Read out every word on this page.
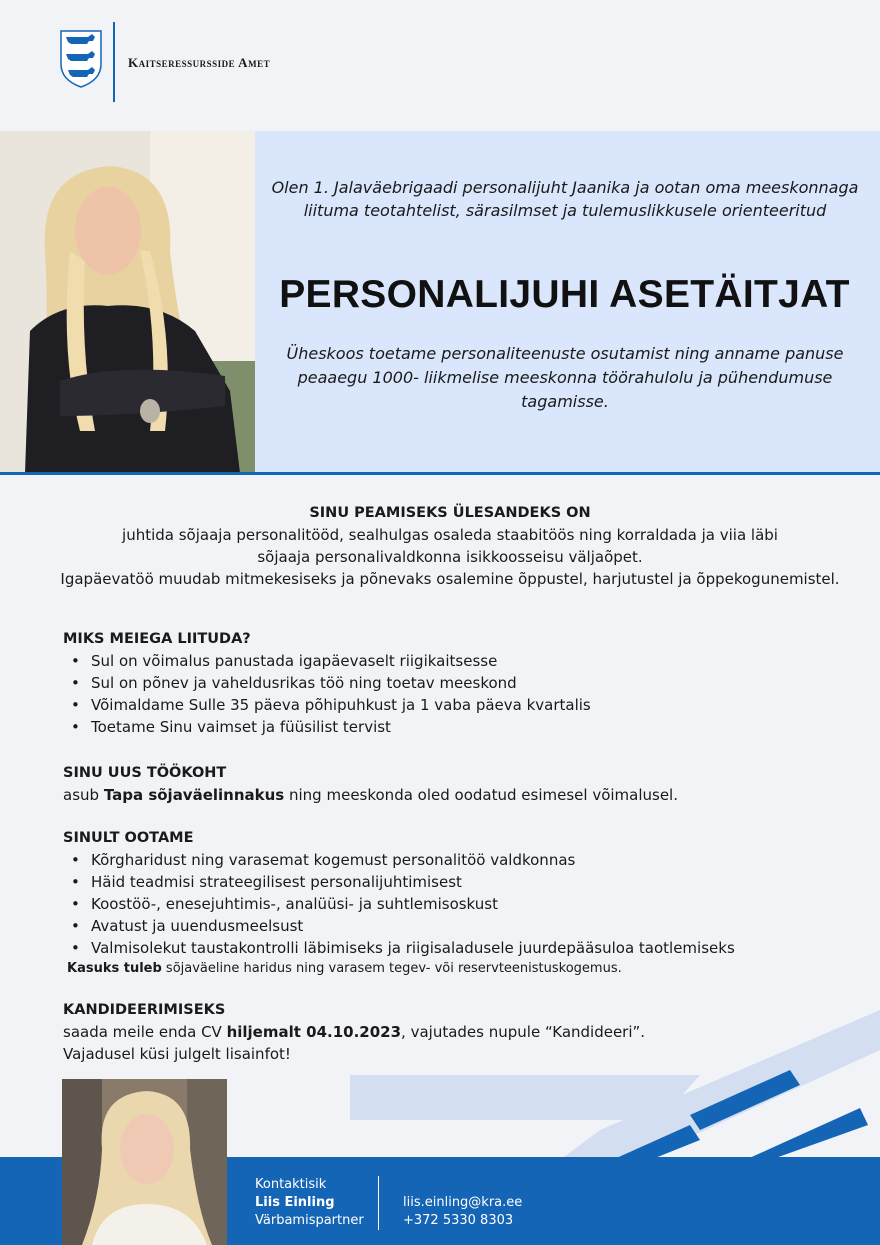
Kaitseressursside Amet
Olen 1. Jalaväebrigaadi personalijuht Jaanika ja ootan oma meeskonnaga liituma teotahtelist, särasilmset ja tulemuslikkusele orienteeritud
PERSONALIJUHI ASETÄITJAT
Üheskoos toetame personaliteenuste osutamist ning anname panuse peaaegu 1000- liikmelise meeskonna töörahulolu ja pühendumuse tagamisse.
SINU PEAMISEKS ÜLESANDEKS ON
juhtida sõjaaja personalitööd, sealhulgas osaleda staabitöös ning korraldada ja viia läbi sõjaaja personalivaldkonna isikkoosseisu väljaõpet.
Igapäevatöö muudab mitmekesiseks ja põnevaks osalemine õppustel, harjutustel ja õppekogunemistel.
MIKS MEIEGA LIITUDA?
• Sul on võimalus panustada igapäevaselt riigikaitsesse
• Sul on põnev ja vaheldusrikas töö ning toetav meeskond
• Võimaldame Sulle 35 päeva põhipuhkust ja 1 vaba päeva kvartalis
• Toetame Sinu vaimset ja füüsilist tervist
SINU UUS TÖÖKOHT
asub Tapa sõjaväelinnakus ning meeskonda oled oodatud esimesel võimalusel.
SINULT OOTAME
• Kõrgharidust ning varasemat kogemust personalitöö valdkonnas
• Häid teadmisi strateegilisest personalijuhtimisest
• Koostöö-, enesejuhtimis-, analüüsi- ja suhtlemisoskust
• Avatust ja uuendusmeelsust
• Valmisolekut taustakontrolli läbimiseks ja riigisaladusele juurdepääsuloa taotlemiseks
Kasuks tuleb sõjaväeline haridus ning varasem tegev- või reservteenistuskogemus.
KANDIDEERIMISEKS
saada meile enda CV hiljemalt 04.10.2023, vajutades nupule “Kandideeri”.
Vajadusel küsi julgelt lisainfot!
Kontaktisik
Liis Einling
Värbamispartner
liis.einling@kra.ee
+372 5330 8303
